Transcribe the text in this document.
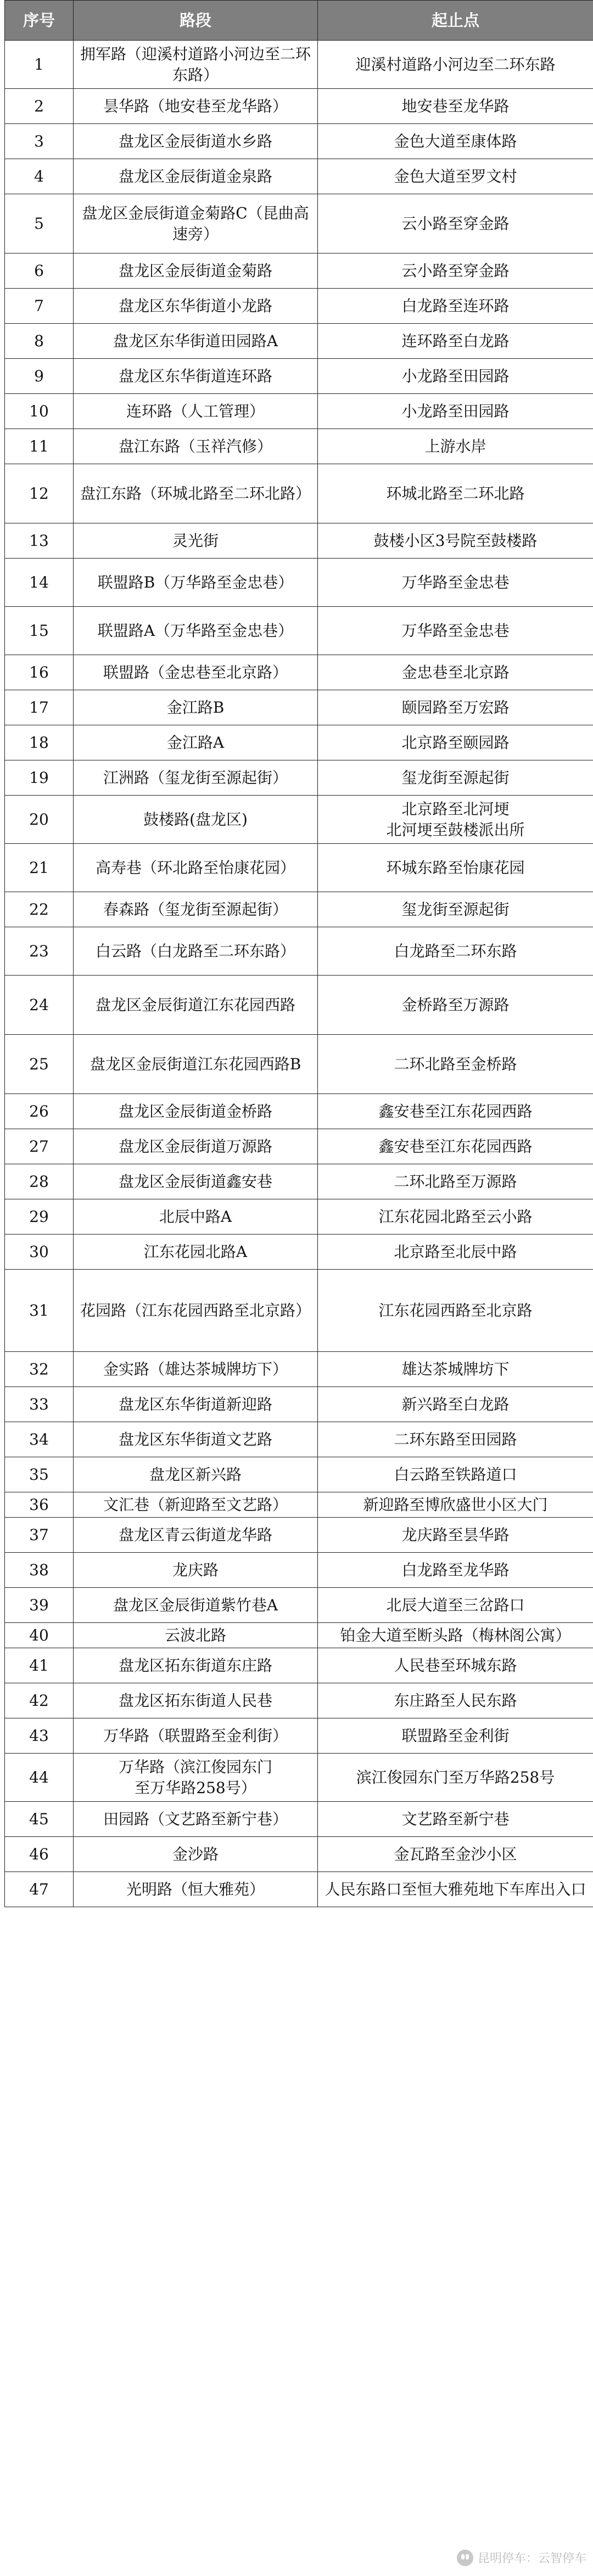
序号	路段	起止点
1	拥军路（迎溪村道路小河边至二环东路）	迎溪村道路小河边至二环东路
2	昙华路（地安巷至龙华路）	地安巷至龙华路
3	盘龙区金辰街道水乡路	金色大道至康体路
4	盘龙区金辰街道金泉路	金色大道至罗文村
5	盘龙区金辰街道金菊路C（昆曲高速旁）	云小路至穿金路
6	盘龙区金辰街道金菊路	云小路至穿金路
7	盘龙区东华街道小龙路	白龙路至连环路
8	盘龙区东华街道田园路A	连环路至白龙路
9	盘龙区东华街道连环路	小龙路至田园路
10	连环路（人工管理）	小龙路至田园路
11	盘江东路（玉祥汽修）	上游水岸
12	盘江东路（环城北路至二环北路）	环城北路至二环北路
13	灵光街	鼓楼小区3号院至鼓楼路
14	联盟路B（万华路至金忠巷）	万华路至金忠巷
15	联盟路A（万华路至金忠巷）	万华路至金忠巷
16	联盟路（金忠巷至北京路）	金忠巷至北京路
17	金江路B	颐园路至万宏路
18	金江路A	北京路至颐园路
19	江洲路（玺龙街至源起街）	玺龙街至源起街
20	鼓楼路(盘龙区)	北京路至北河埂
北河埂至鼓楼派出所
21	高寿巷（环北路至怡康花园）	环城东路至怡康花园
22	春森路（玺龙街至源起街）	玺龙街至源起街
23	白云路（白龙路至二环东路）	白龙路至二环东路
24	盘龙区金辰街道江东花园西路	金桥路至万源路
25	盘龙区金辰街道江东花园西路B	二环北路至金桥路
26	盘龙区金辰街道金桥路	鑫安巷至江东花园西路
27	盘龙区金辰街道万源路	鑫安巷至江东花园西路
28	盘龙区金辰街道鑫安巷	二环北路至万源路
29	北辰中路A	江东花园北路至云小路
30	江东花园北路A	北京路至北辰中路
31	花园路（江东花园西路至北京路）	江东花园西路至北京路
32	金实路（雄达茶城牌坊下）	雄达茶城牌坊下
33	盘龙区东华街道新迎路	新兴路至白龙路
34	盘龙区东华街道文艺路	二环东路至田园路
35	盘龙区新兴路	白云路至铁路道口
36	文汇巷（新迎路至文艺路）	新迎路至博欣盛世小区大门
37	盘龙区青云街道龙华路	龙庆路至昙华路
38	龙庆路	白龙路至龙华路
39	盘龙区金辰街道紫竹巷A	北辰大道至三岔路口
40	云波北路	铂金大道至断头路（梅林阁公寓）
41	盘龙区拓东街道东庄路	人民巷至环城东路
42	盘龙区拓东街道人民巷	东庄路至人民东路
43	万华路（联盟路至金利街）	联盟路至金利街
44	万华路（滨江俊园东门
至万华路258号）	滨江俊园东门至万华路258号
45	田园路（文艺路至新宁巷）	文艺路至新宁巷
46	金沙路	金瓦路至金沙小区
47	光明路（恒大雅苑）	人民东路口至恒大雅苑地下车库出入口
昆明停车：云智停车
